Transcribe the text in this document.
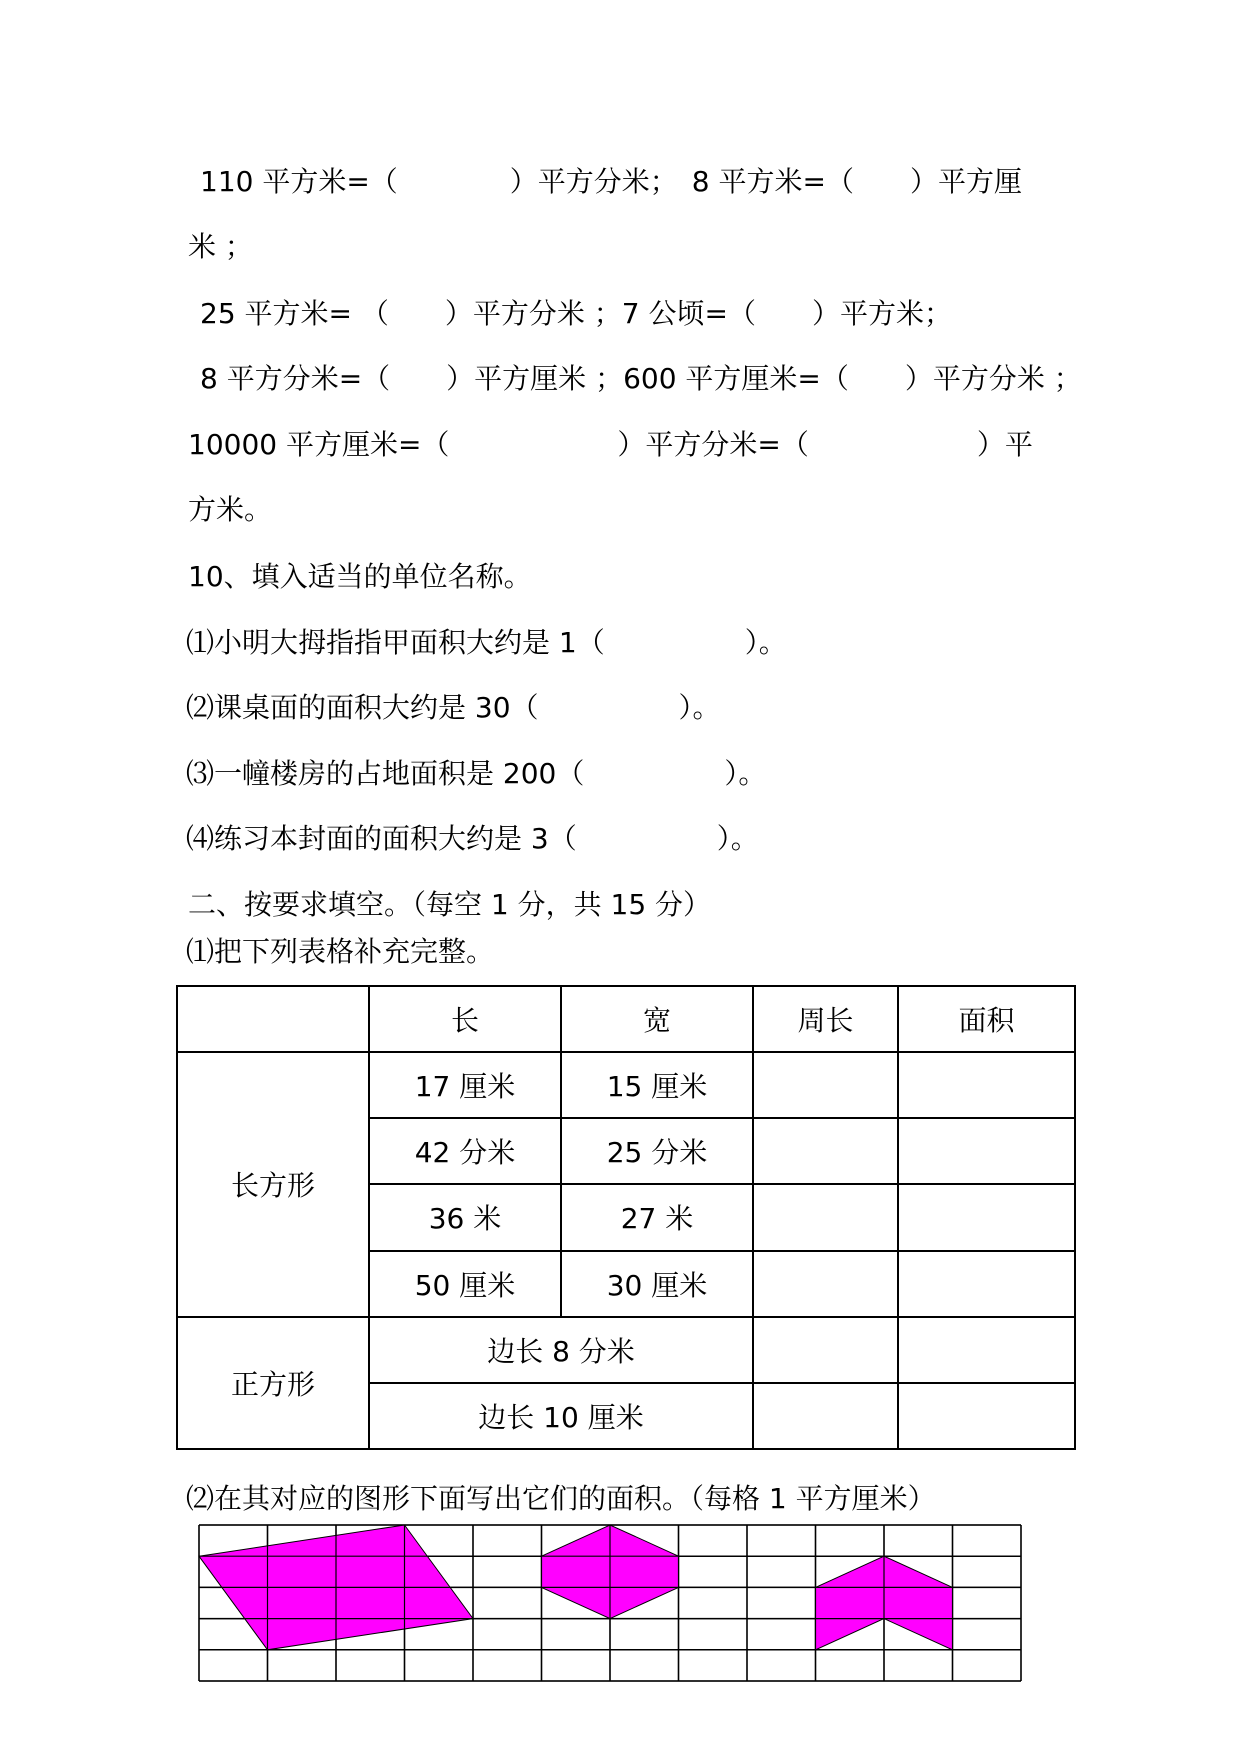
110 平方米=（　　　　）平方分米；　8 平方米=（　　）平方厘
米 ；
25 平方米= （　　）平方分米 ；7 公顷=（　　）平方米；
8 平方分米=（　　）平方厘米 ；600 平方厘米=（　　）平方分米 ；
10000 平方厘米=（　　　　　　）平方分米=（　　　　　　）平
方米。
10、填入适当的单位名称。
⑴小明大拇指指甲面积大约是 1（　　　　　）。
⑵课桌面的面积大约是 30（　　　　　）。
⑶一幢楼房的占地面积是 200（　　　　　）。
⑷练习本封面的面积大约是 3（　　　　　）。
二、按要求填空。（每空 1 分，共 15 分）
⑴把下列表格补充完整。
	长	宽	周长	面积
长方形	17 厘米	15 厘米		
	42 分米	25 分米		
	36 米	27 米		
	50 厘米	30 厘米		
正方形	边长 8 分米			
	边长 10 厘米			
⑵在其对应的图形下面写出它们的面积。（每格 1 平方厘米）
